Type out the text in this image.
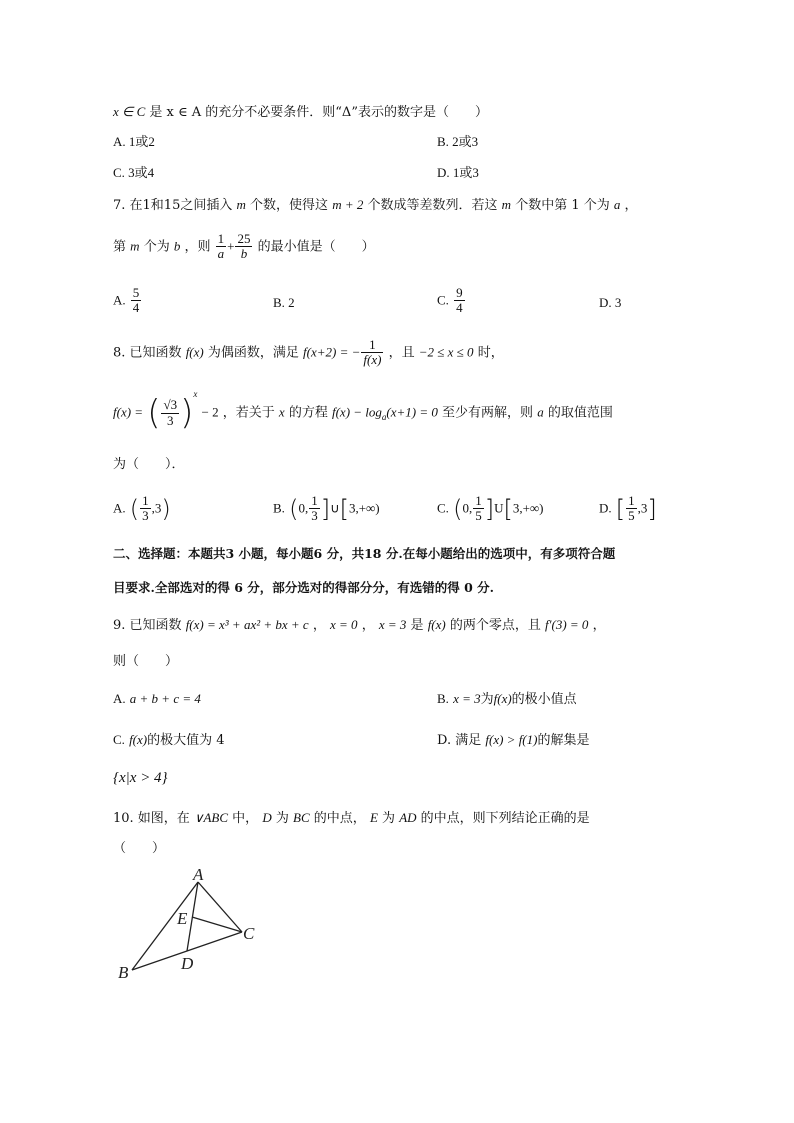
x ∈ C 是 x ∈ A 的充分不必要条件．则“Δ”表示的数字是（　　）
A. 1或2	B. 2或3
C. 3或4	D. 1或3
7. 在1和15之间插入 m 个数，使得这 m + 2 个数成等差数列．若这 m 个数中第 1 个为 a ，
第 m 个为 b ，则 $\frac{1}{a} + \frac{25}{b}$ 的最小值是（　　）
A. $\frac{5}{4}$	B. 2	C. $\frac{9}{4}$	D. 3
8. 已知函数 f(x) 为偶函数，满足 f(x+2) = − $\frac{1}{f(x)}$ ，且 −2 ≤ x ≤ 0 时，
f(x) = ( $\frac{√3}{3} )^x - 2$ ，若关于 x 的方程 $f(x) - \log_a(x+1) = 0$ 至少有两解，则 a 的取值范围
为（　　）．
A. ( $\frac{1}{3} ,3$)	B. (0, $\frac{1}{3}$ ]∪[3,+∞)	C. (0, $\frac{1}{5} ]U[3,+\infty)$	D. [ $\frac{1}{5} ,3$]
二、选择题：本题共3 小题，每小题6 分，共18 分.在每小题给出的选项中，有多项符合题
目要求.全部选对的得 6 分，部分选对的得部分分，有选错的得 0 分.
9. 已知函数 f(x) = x³ + ax² + bx + c ， x = 0 ， x = 3 是 f(x) 的两个零点，且 f′(3) = 0 ，
则（　　）
A. a + b + c = 4	B. x = 3为f(x)的极小值点
C. f(x)的极大值为 4	D. 满足 f(x) > f(1)的解集是
{x|x > 4}
10. 如图，在 ∨ABC 中， D 为 BC 的中点， E 为 AD 的中点，则下列结论正确的是
（　　）
A
B
C
D
E
